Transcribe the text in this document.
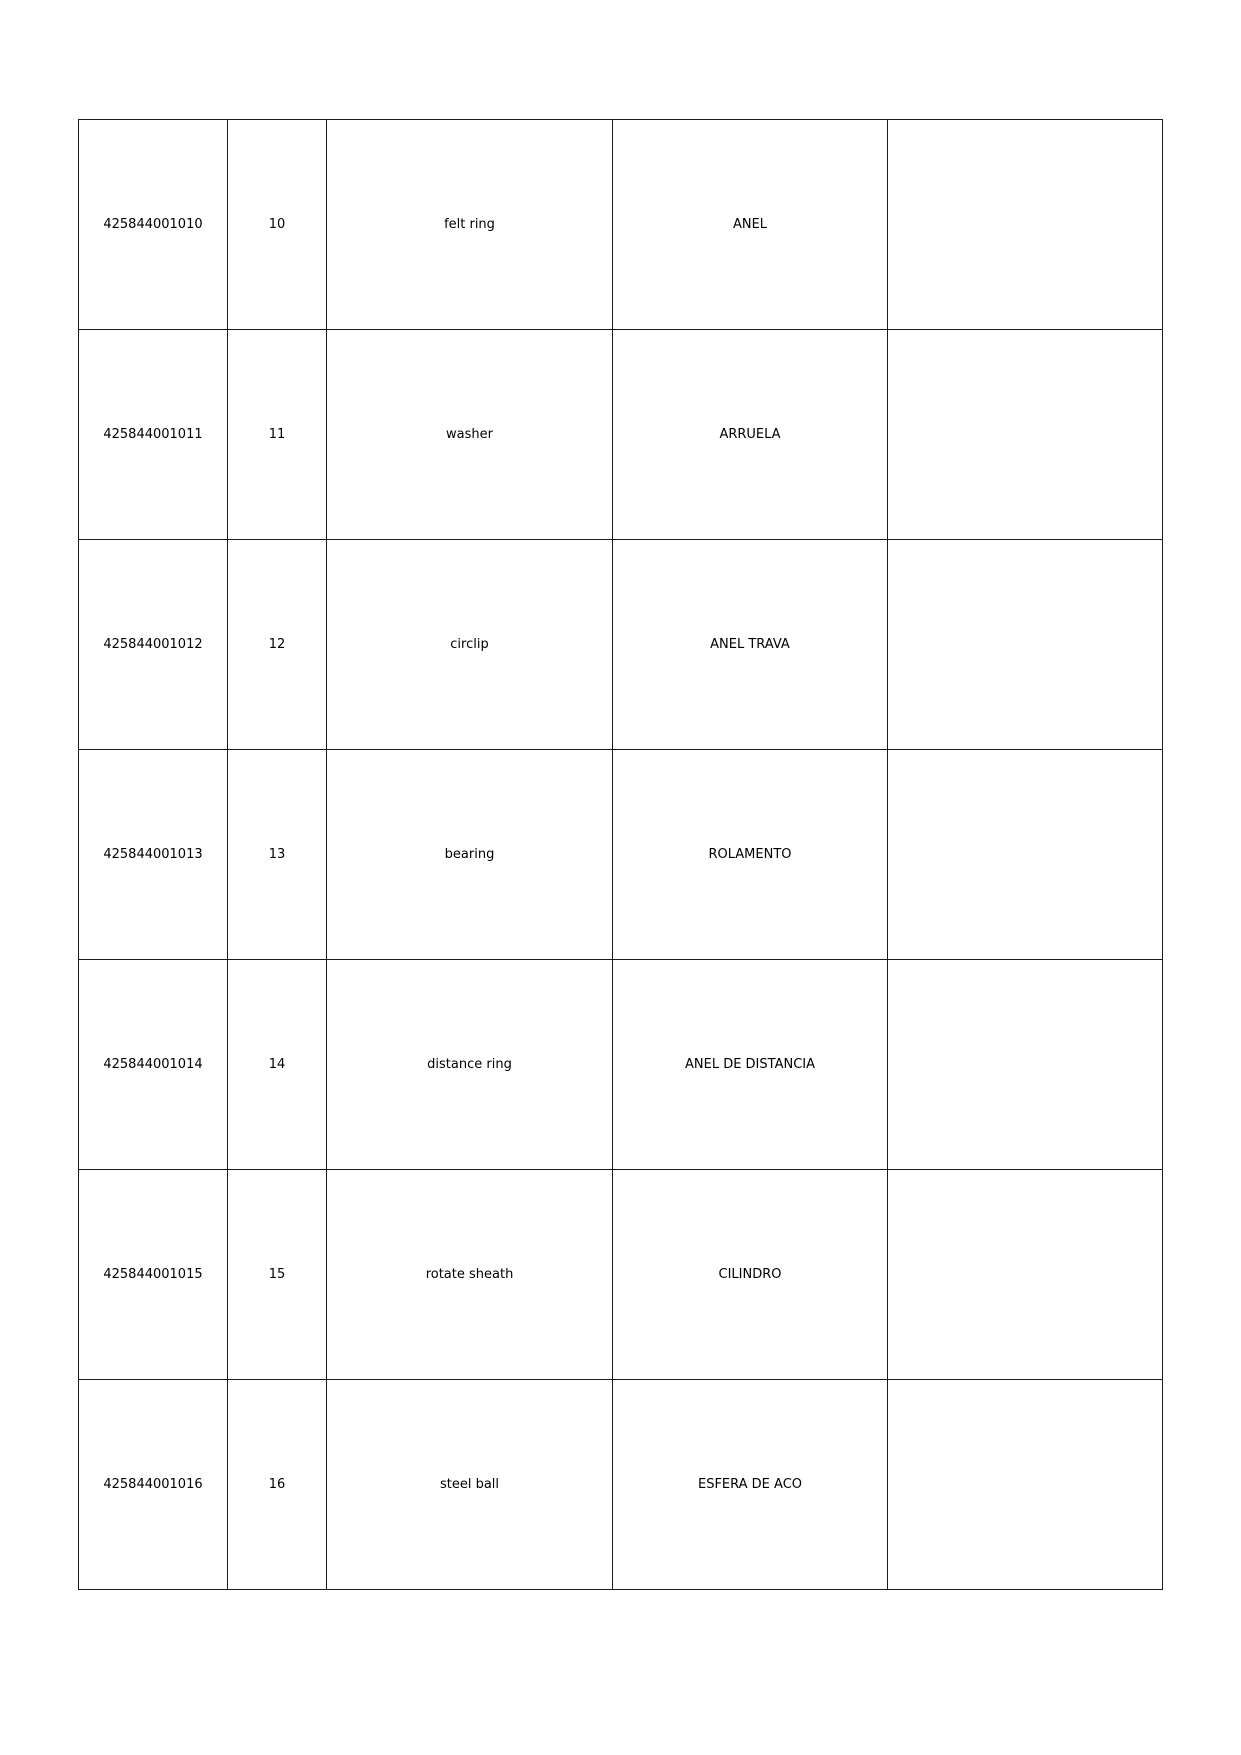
425844001010	10	felt ring	ANEL	
425844001011	11	washer	ARRUELA	
425844001012	12	circlip	ANEL TRAVA	
425844001013	13	bearing	ROLAMENTO	
425844001014	14	distance ring	ANEL DE DISTANCIA	
425844001015	15	rotate sheath	CILINDRO	
425844001016	16	steel ball	ESFERA DE ACO	
